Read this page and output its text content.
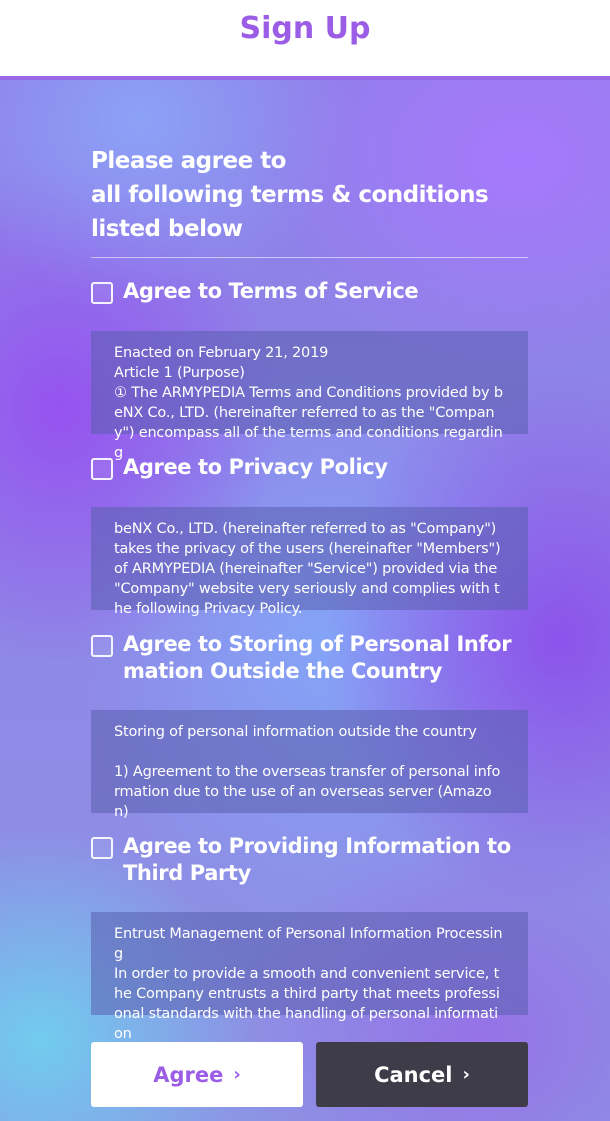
Sign Up
Please agree to
all following terms & conditions listed below
Agree to Terms of Service
Enacted on February 21, 2019
Article 1 (Purpose)
① The ARMYPEDIA Terms and Conditions provided by beNX Co., LTD. (hereinafter referred to as the "Company") encompass all of the terms and conditions regarding
Agree to Privacy Policy
beNX Co., LTD. (hereinafter referred to as "Company") takes the privacy of the users (hereinafter "Members") of ARMYPEDIA (hereinafter "Service") provided via the "Company" website very seriously and complies with the following Privacy Policy.
Agree to Storing of Personal Information Outside the Country
Storing of personal information outside the country

1) Agreement to the overseas transfer of personal information due to the use of an overseas server (Amazon)
Agree to Providing Information to Third Party
Entrust Management of Personal Information Processing
In order to provide a smooth and convenient service, the Company entrusts a third party that meets professional standards with the handling of personal information
Agree ›	Cancel ›
